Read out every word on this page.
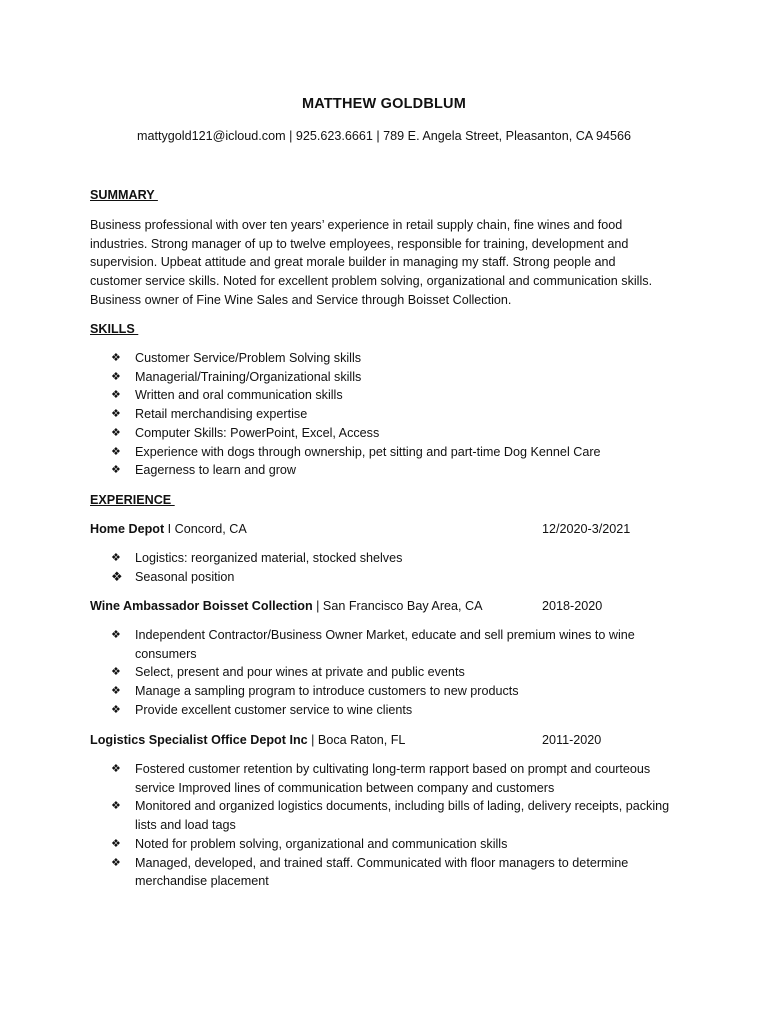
MATTHEW GOLDBLUM
mattygold121@icloud.com | 925.623.6661 | 789 E. Angela Street, Pleasanton, CA 94566
SUMMARY
Business professional with over ten years’ experience in retail supply chain, fine wines and food
industries. Strong manager of up to twelve employees, responsible for training, development and
supervision. Upbeat attitude and great morale builder in managing my staff. Strong people and
customer service skills. Noted for excellent problem solving, organizational and communication skills.
Business owner of Fine Wine Sales and Service through Boisset Collection.
SKILLS
❖ Customer Service/Problem Solving skills
❖ Managerial/Training/Organizational skills
❖ Written and oral communication skills
❖ Retail merchandising expertise
❖ Computer Skills: PowerPoint, Excel, Access
❖ Experience with dogs through ownership, pet sitting and part-time Dog Kennel Care
❖ Eagerness to learn and grow
EXPERIENCE
Home Depot I Concord, CA	12/2020-3/2021
❖ Logistics: reorganized material, stocked shelves
❖ Seasonal position
Wine Ambassador Boisset Collection | San Francisco Bay Area, CA	2018-2020
❖ Independent Contractor/Business Owner Market, educate and sell premium wines to wine consumers
❖ Select, present and pour wines at private and public events
❖ Manage a sampling program to introduce customers to new products
❖ Provide excellent customer service to wine clients
Logistics Specialist Office Depot Inc | Boca Raton, FL	2011-2020
❖ Fostered customer retention by cultivating long-term rapport based on prompt and courteous service Improved lines of communication between company and customers
❖ Monitored and organized logistics documents, including bills of lading, delivery receipts, packing lists and load tags
❖ Noted for problem solving, organizational and communication skills
❖ Managed, developed, and trained staff. Communicated with floor managers to determine merchandise placement
